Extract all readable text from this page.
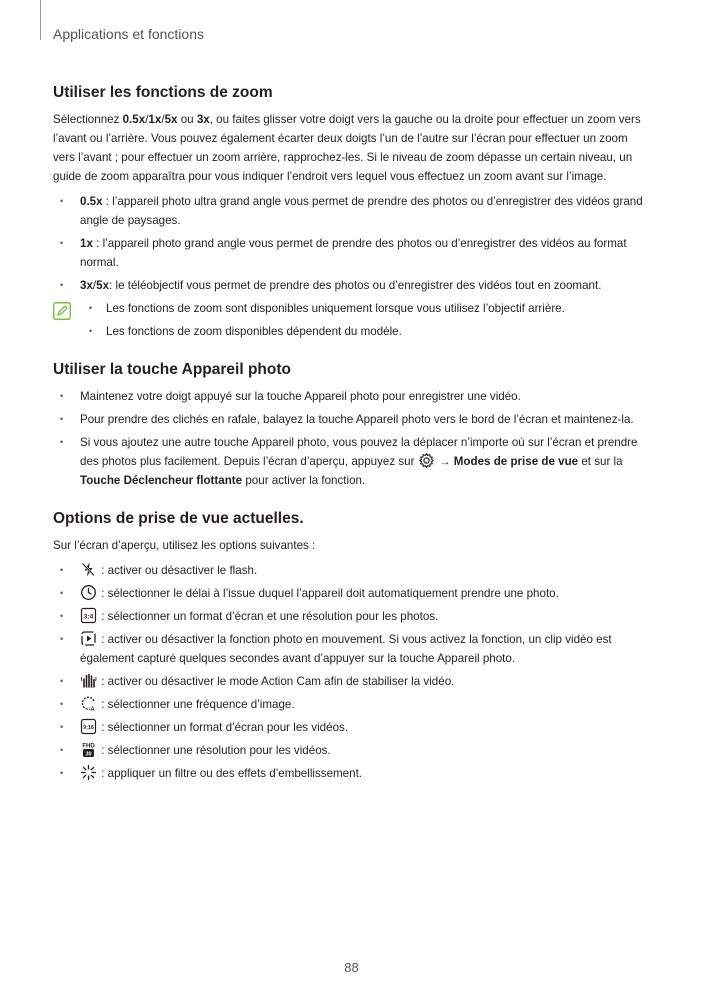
Applications et fonctions
Utiliser les fonctions de zoom

Sélectionnez 0.5x/1x/5x ou 3x, ou faites glisser votre doigt vers la gauche ou la droite pour effectuer un zoom vers l’avant ou l’arrière. Vous pouvez également écarter deux doigts l’un de l’autre sur l’écran pour effectuer un zoom vers l’avant ; pour effectuer un zoom arrière, rapprochez-les. Si le niveau de zoom dépasse un certain niveau, un guide de zoom apparaîtra pour vous indiquer l’endroit vers lequel vous effectuez un zoom avant sur l’image.

• 0.5x : l’appareil photo ultra grand angle vous permet de prendre des photos ou d’enregistrer des vidéos grand angle de paysages.
• 1x : l’appareil photo grand angle vous permet de prendre des photos ou d’enregistrer des vidéos au format normal.
• 3x/5x: le téléobjectif vous permet de prendre des photos ou d’enregistrer des vidéos tout en zoomant.
• Les fonctions de zoom sont disponibles uniquement lorsque vous utilisez l’objectif arrière.
• Les fonctions de zoom disponibles dépendent du modèle.
Utiliser la touche Appareil photo
• Maintenez votre doigt appuyé sur la touche Appareil photo pour enregistrer une vidéo.
• Pour prendre des clichés en rafale, balayez la touche Appareil photo vers le bord de l’écran et maintenez-la.
• Si vous ajoutez une autre touche Appareil photo, vous pouvez la déplacer n’importe où sur l’écran et prendre des photos plus facilement. Depuis l’écran d’aperçu, appuyez sur  → Modes de prise de vue et sur la Touche Déclencheur flottante pour activer la fonction.
Options de prise de vue actuelles.

Sur l’écran d’aperçu, utilisez les options suivantes :

• : activer ou désactiver le flash.
• : sélectionner le délai à l’issue duquel l’appareil doit automatiquement prendre une photo.
• 3:4 : sélectionner un format d’écran et une résolution pour les photos.
• : activer ou désactiver la fonction photo en mouvement. Si vous activez la fonction, un clip vidéo est également capturé quelques secondes avant d’appuyer sur la touche Appareil photo.
• : activer ou désactiver le mode Action Cam afin de stabiliser la vidéo.
• A : sélectionner une fréquence d’image.
• 9:16 : sélectionner un format d’écran pour les vidéos.
• FHD
30 : sélectionner une résolution pour les vidéos.
• : appliquer un filtre ou des effets d’embellissement.
88
